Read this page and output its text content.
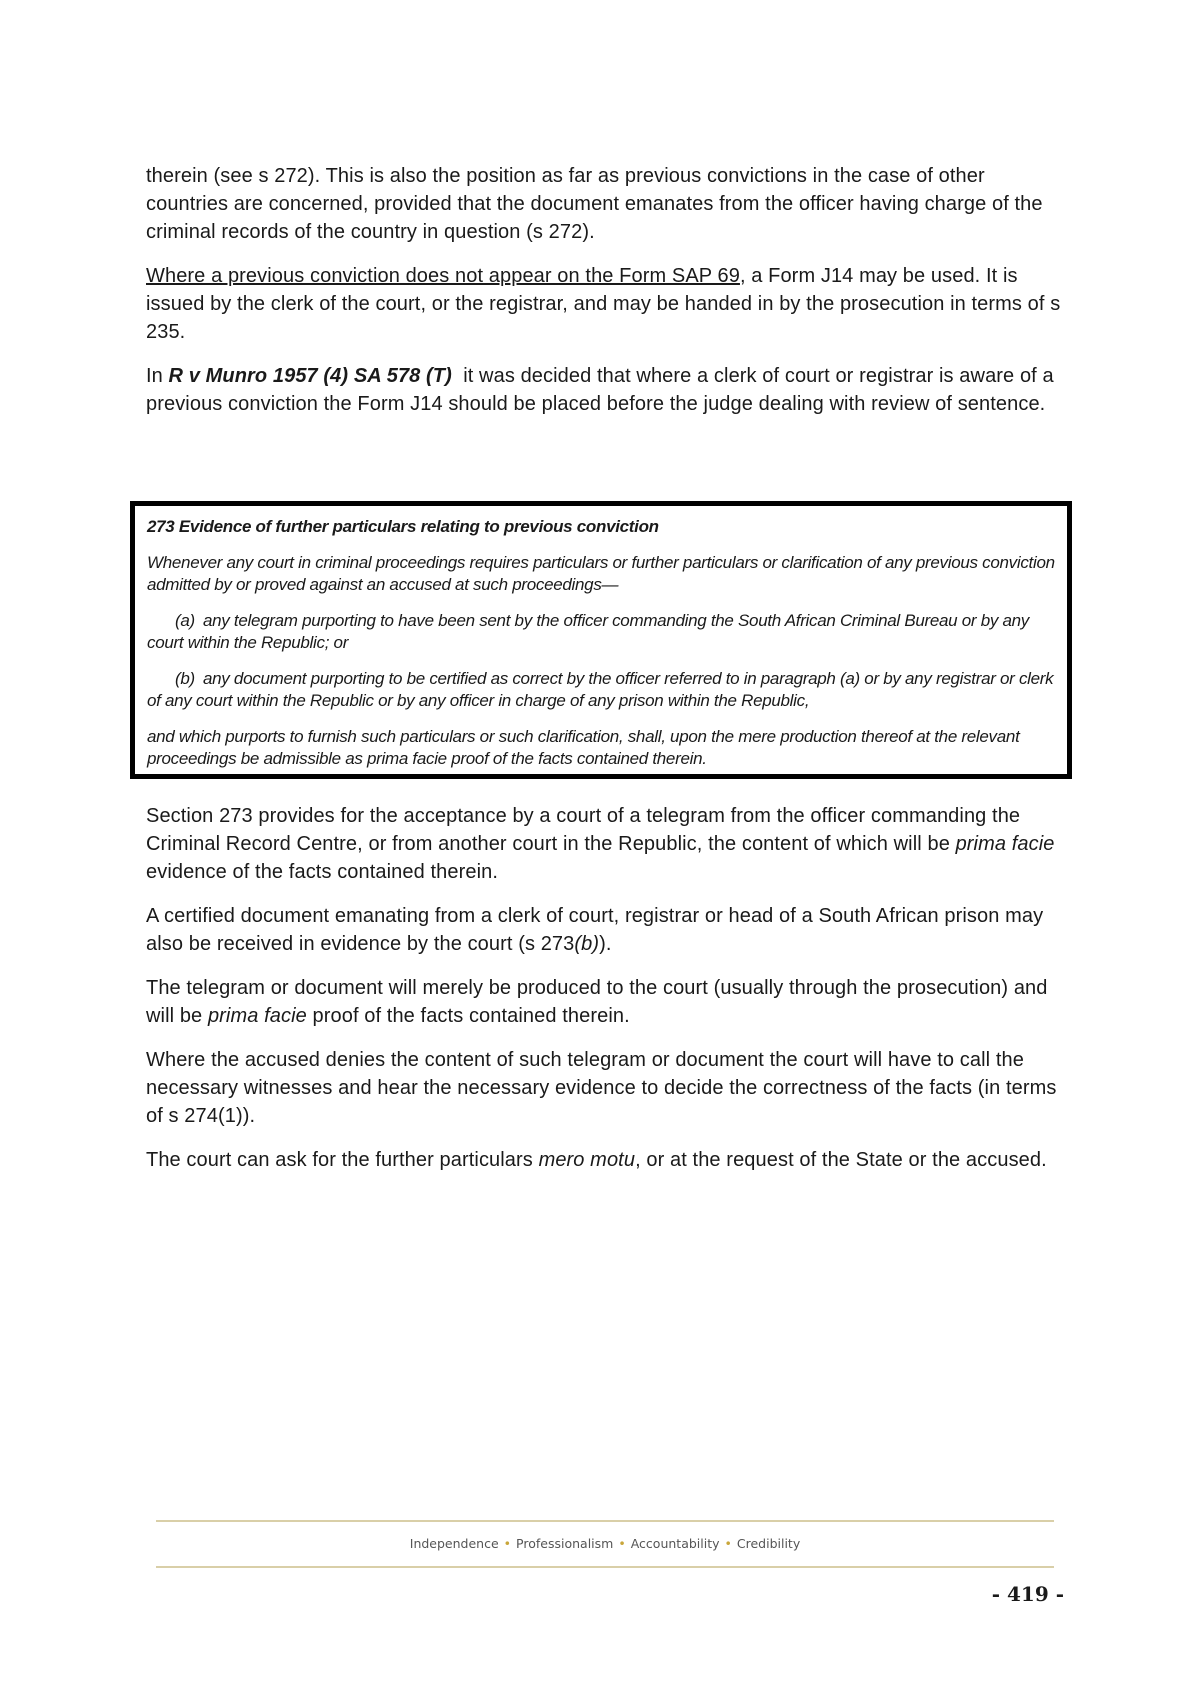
therein (see s 272). This is also the position as far as previous convictions in the case of other countries are concerned, provided that the document emanates from the officer having charge of the criminal records of the country in question (s 272).

Where a previous conviction does not appear on the Form SAP 69, a Form J14 may be used. It is issued by the clerk of the court, or the registrar, and may be handed in by the prosecution in terms of s 235.

In R v Munro 1957 (4) SA 578 (T)  it was decided that where a clerk of court or registrar is aware of a previous conviction the Form J14 should be placed before the judge dealing with review of sentence.

273 Evidence of further particulars relating to previous conviction

Whenever any court in criminal proceedings requires particulars or further particulars or clarification of any previous conviction admitted by or proved against an accused at such proceedings—

(a) any telegram purporting to have been sent by the officer commanding the South African Criminal Bureau or by any court within the Republic; or

(b) any document purporting to be certified as correct by the officer referred to in paragraph (a) or by any registrar or clerk of any court within the Republic or by any officer in charge of any prison within the Republic,

and which purports to furnish such particulars or such clarification, shall, upon the mere production thereof at the relevant proceedings be admissible as prima facie proof of the facts contained therein.

Section 273 provides for the acceptance by a court of a telegram from the officer commanding the Criminal Record Centre, or from another court in the Republic, the content of which will be prima facie evidence of the facts contained therein.

A certified document emanating from a clerk of court, registrar or head of a South African prison may also be received in evidence by the court (s 273(b)).

The telegram or document will merely be produced to the court (usually through the prosecution) and will be prima facie proof of the facts contained therein.

Where the accused denies the content of such telegram or document the court will have to call the necessary witnesses and hear the necessary evidence to decide the correctness of the facts (in terms of s 274(1)).

The court can ask for the further particulars mero motu, or at the request of the State or the accused.

Independence • Professionalism • Accountability • Credibility
- 419 -
